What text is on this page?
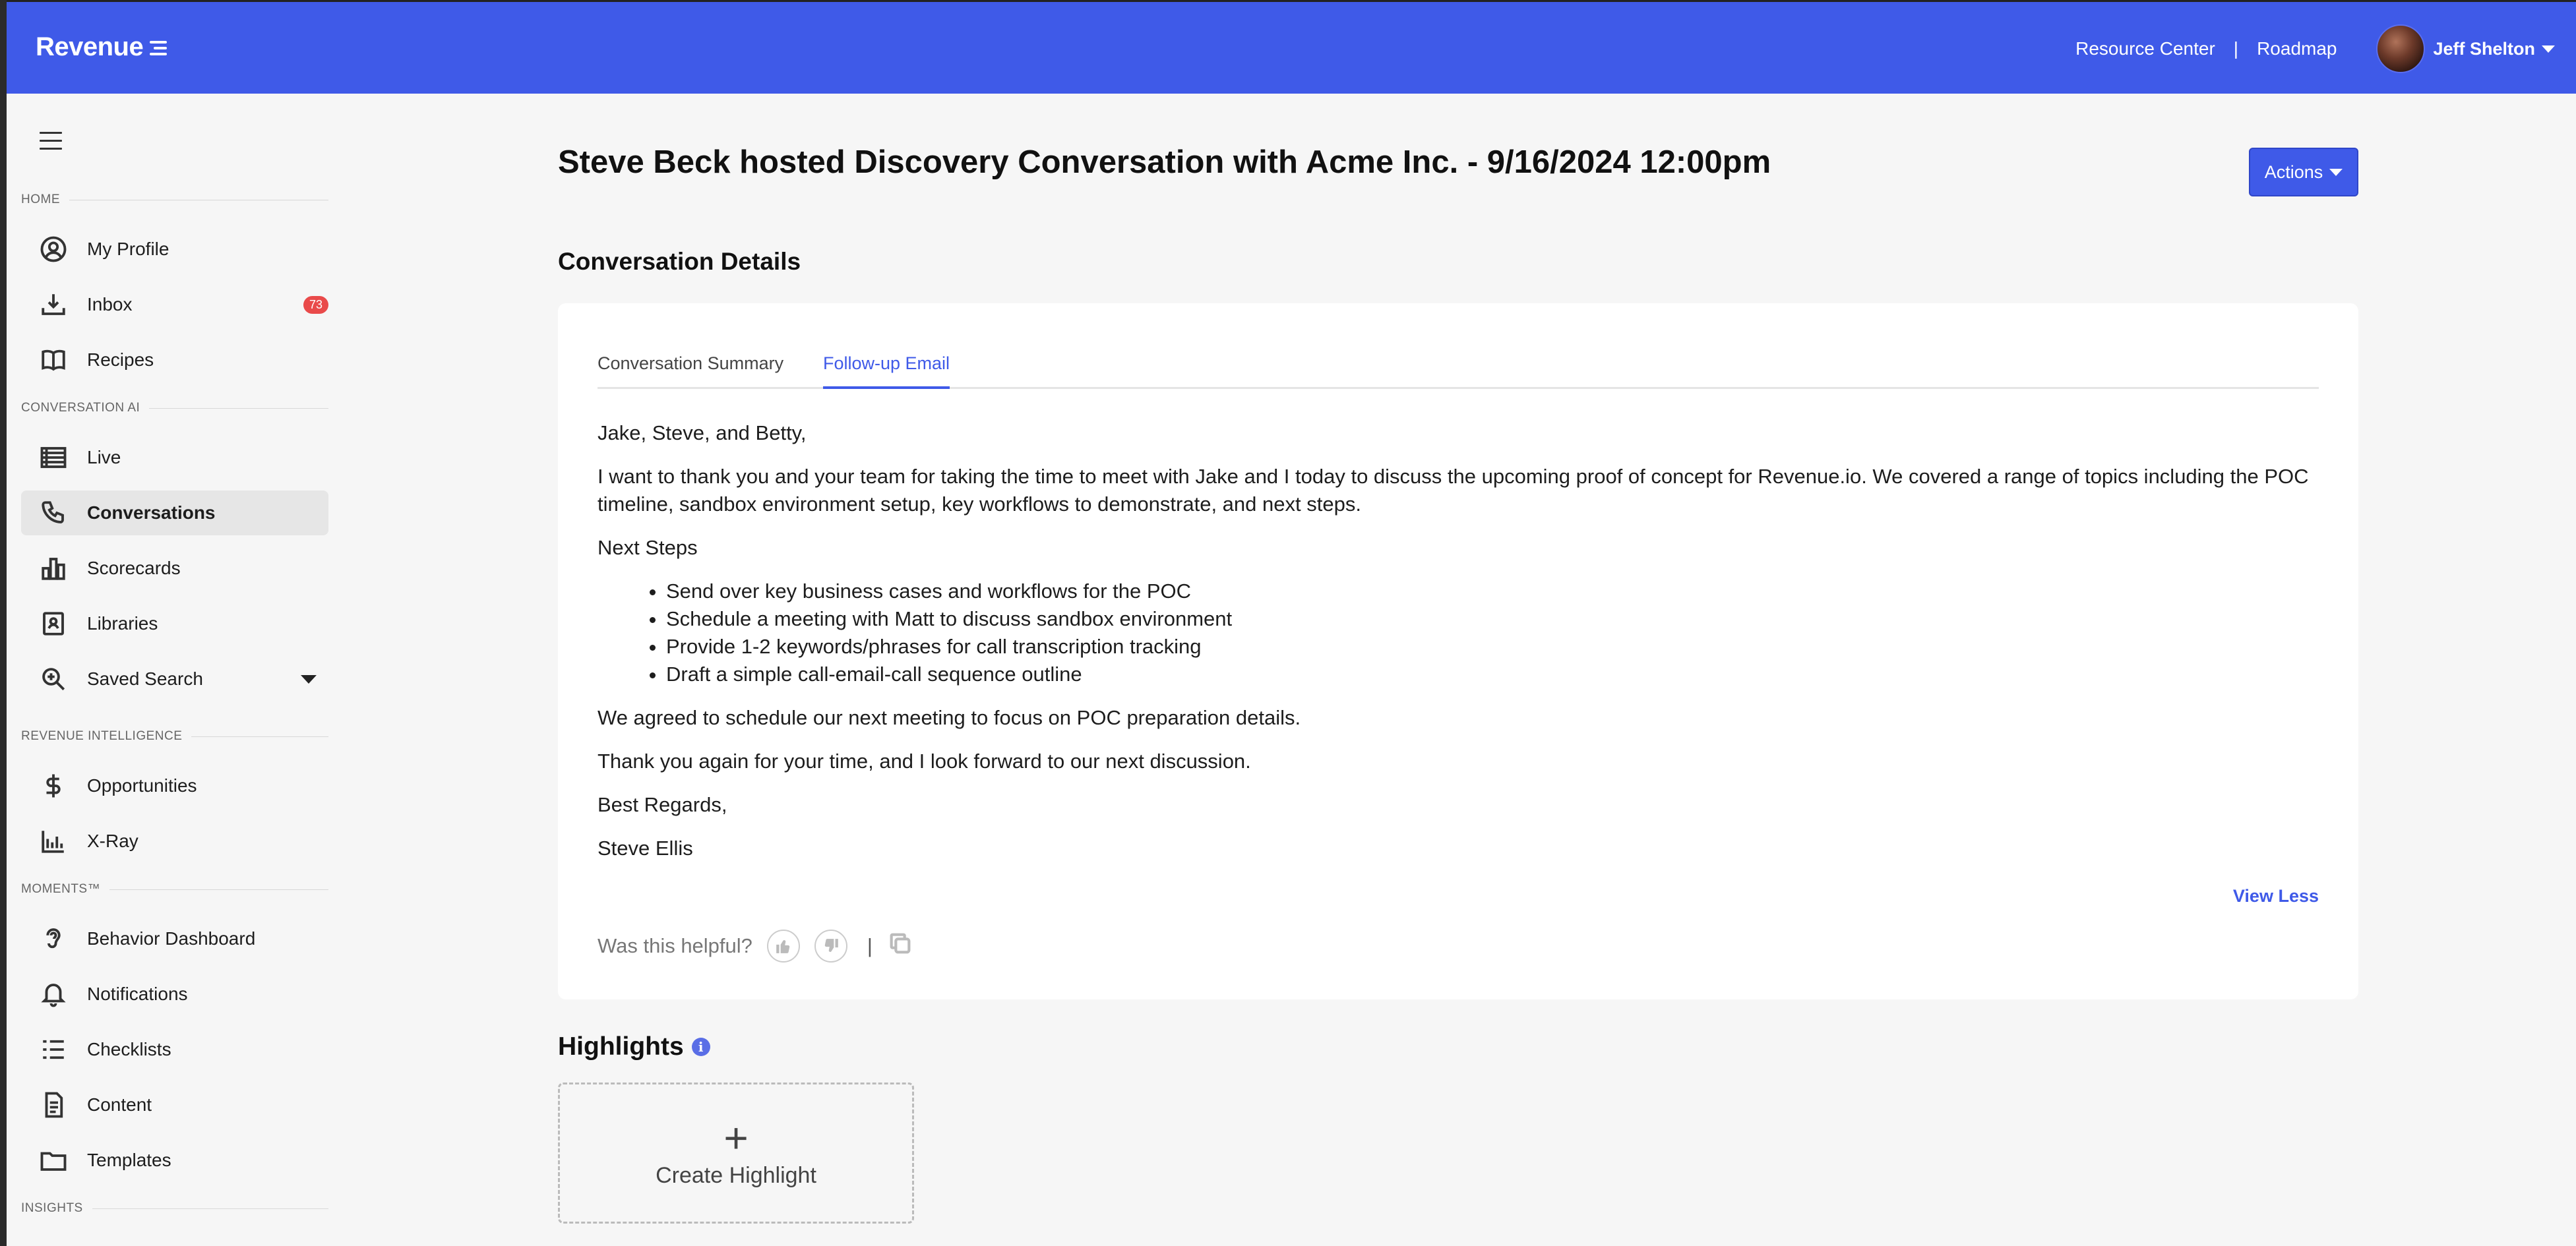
Revenue	Resource Center | Roadmap	Jeff Shelton
HOME
My Profile
Inbox	73
Recipes
CONVERSATION AI
Live
Conversations
Scorecards
Libraries
Saved Search
REVENUE INTELLIGENCE
Opportunities
X-Ray
MOMENTS™
Behavior Dashboard
Notifications
Checklists
Content
Templates
INSIGHTS
Steve Beck hosted Discovery Conversation with Acme Inc. - 9/16/2024 12:00pm	Actions
Conversation Details
Conversation Summary Follow-up Email

Jake, Steve, and Betty,

I want to thank you and your team for taking the time to meet with Jake and I today to discuss the upcoming proof of concept for Revenue.io. We covered a range of topics including the POC timeline, sandbox environment setup, key workflows to demonstrate, and next steps.

Next Steps

• Send over key business cases and workflows for the POC
• Schedule a meeting with Matt to discuss sandbox environment
• Provide 1-2 keywords/phrases for call transcription tracking
• Draft a simple call-email-call sequence outline

We agreed to schedule our next meeting to focus on POC preparation details.

Thank you again for your time, and I look forward to our next discussion.

Best Regards,

Steve Ellis

View Less
Was this helpful?	|
Highlights	i
+
Create Highlight
